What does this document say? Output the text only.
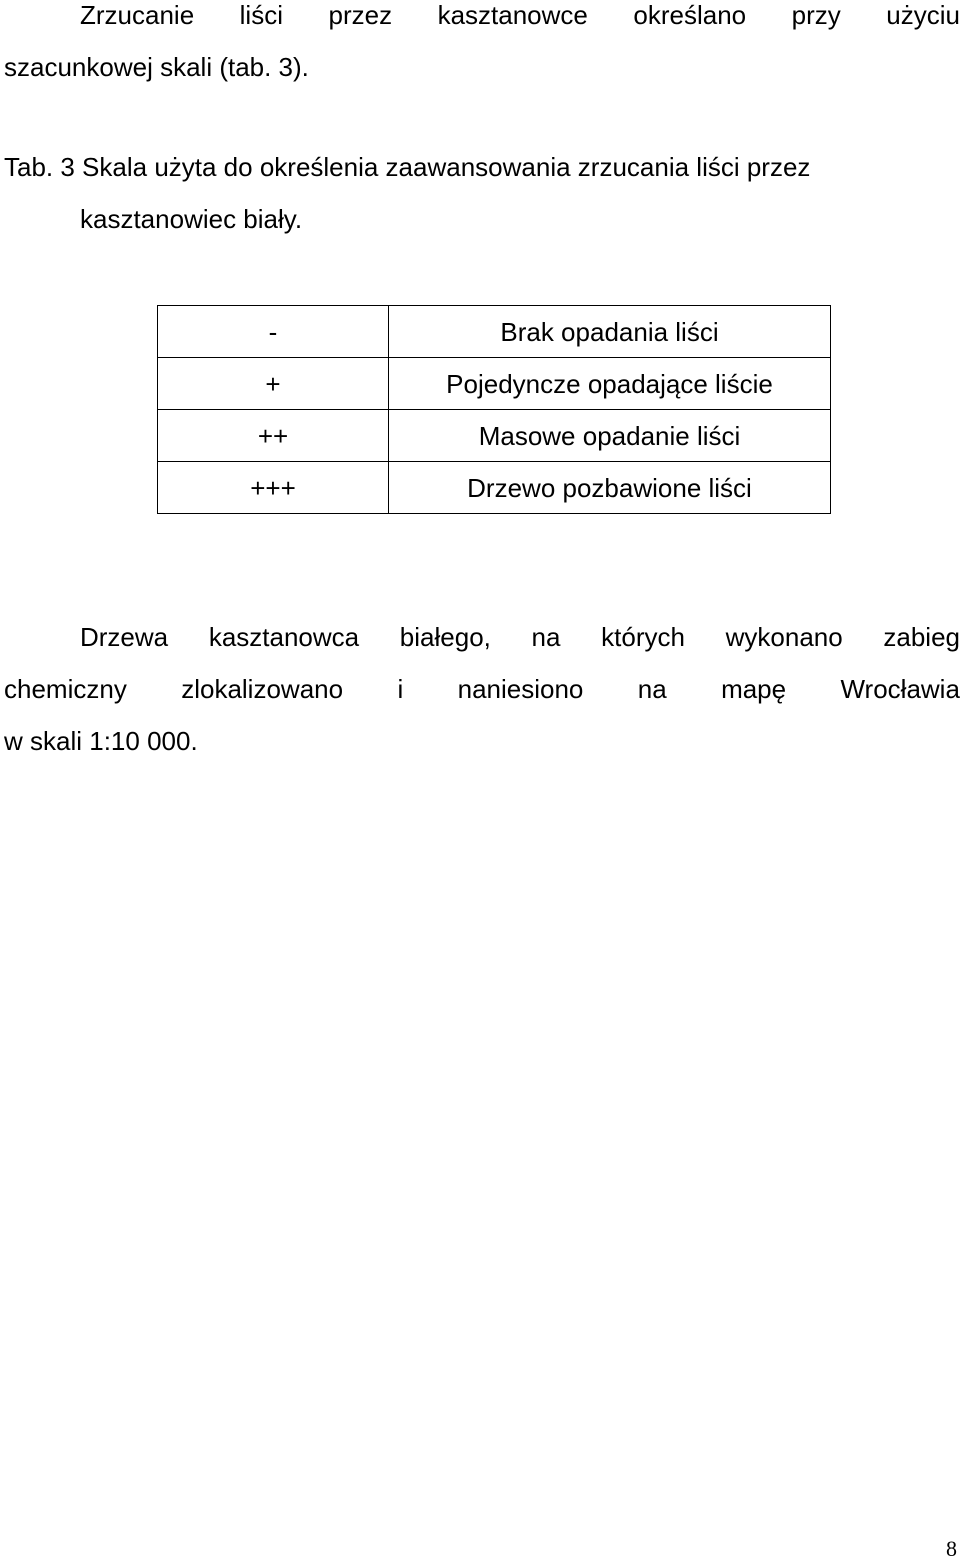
Zrzucanie liści przez kasztanowce określano przy użyciu
szacunkowej skali (tab. 3).
Tab. 3 Skala użyta do określenia zaawansowania zrzucania liści przez
kasztanowiec biały.
-	Brak opadania liści
+	Pojedyncze opadające liście
++	Masowe opadanie liści
+++	Drzewo pozbawione liści
Drzewa kasztanowca białego, na których wykonano zabieg
chemiczny zlokalizowano i naniesiono na mapę Wrocławia
w skali 1:10 000.
8
